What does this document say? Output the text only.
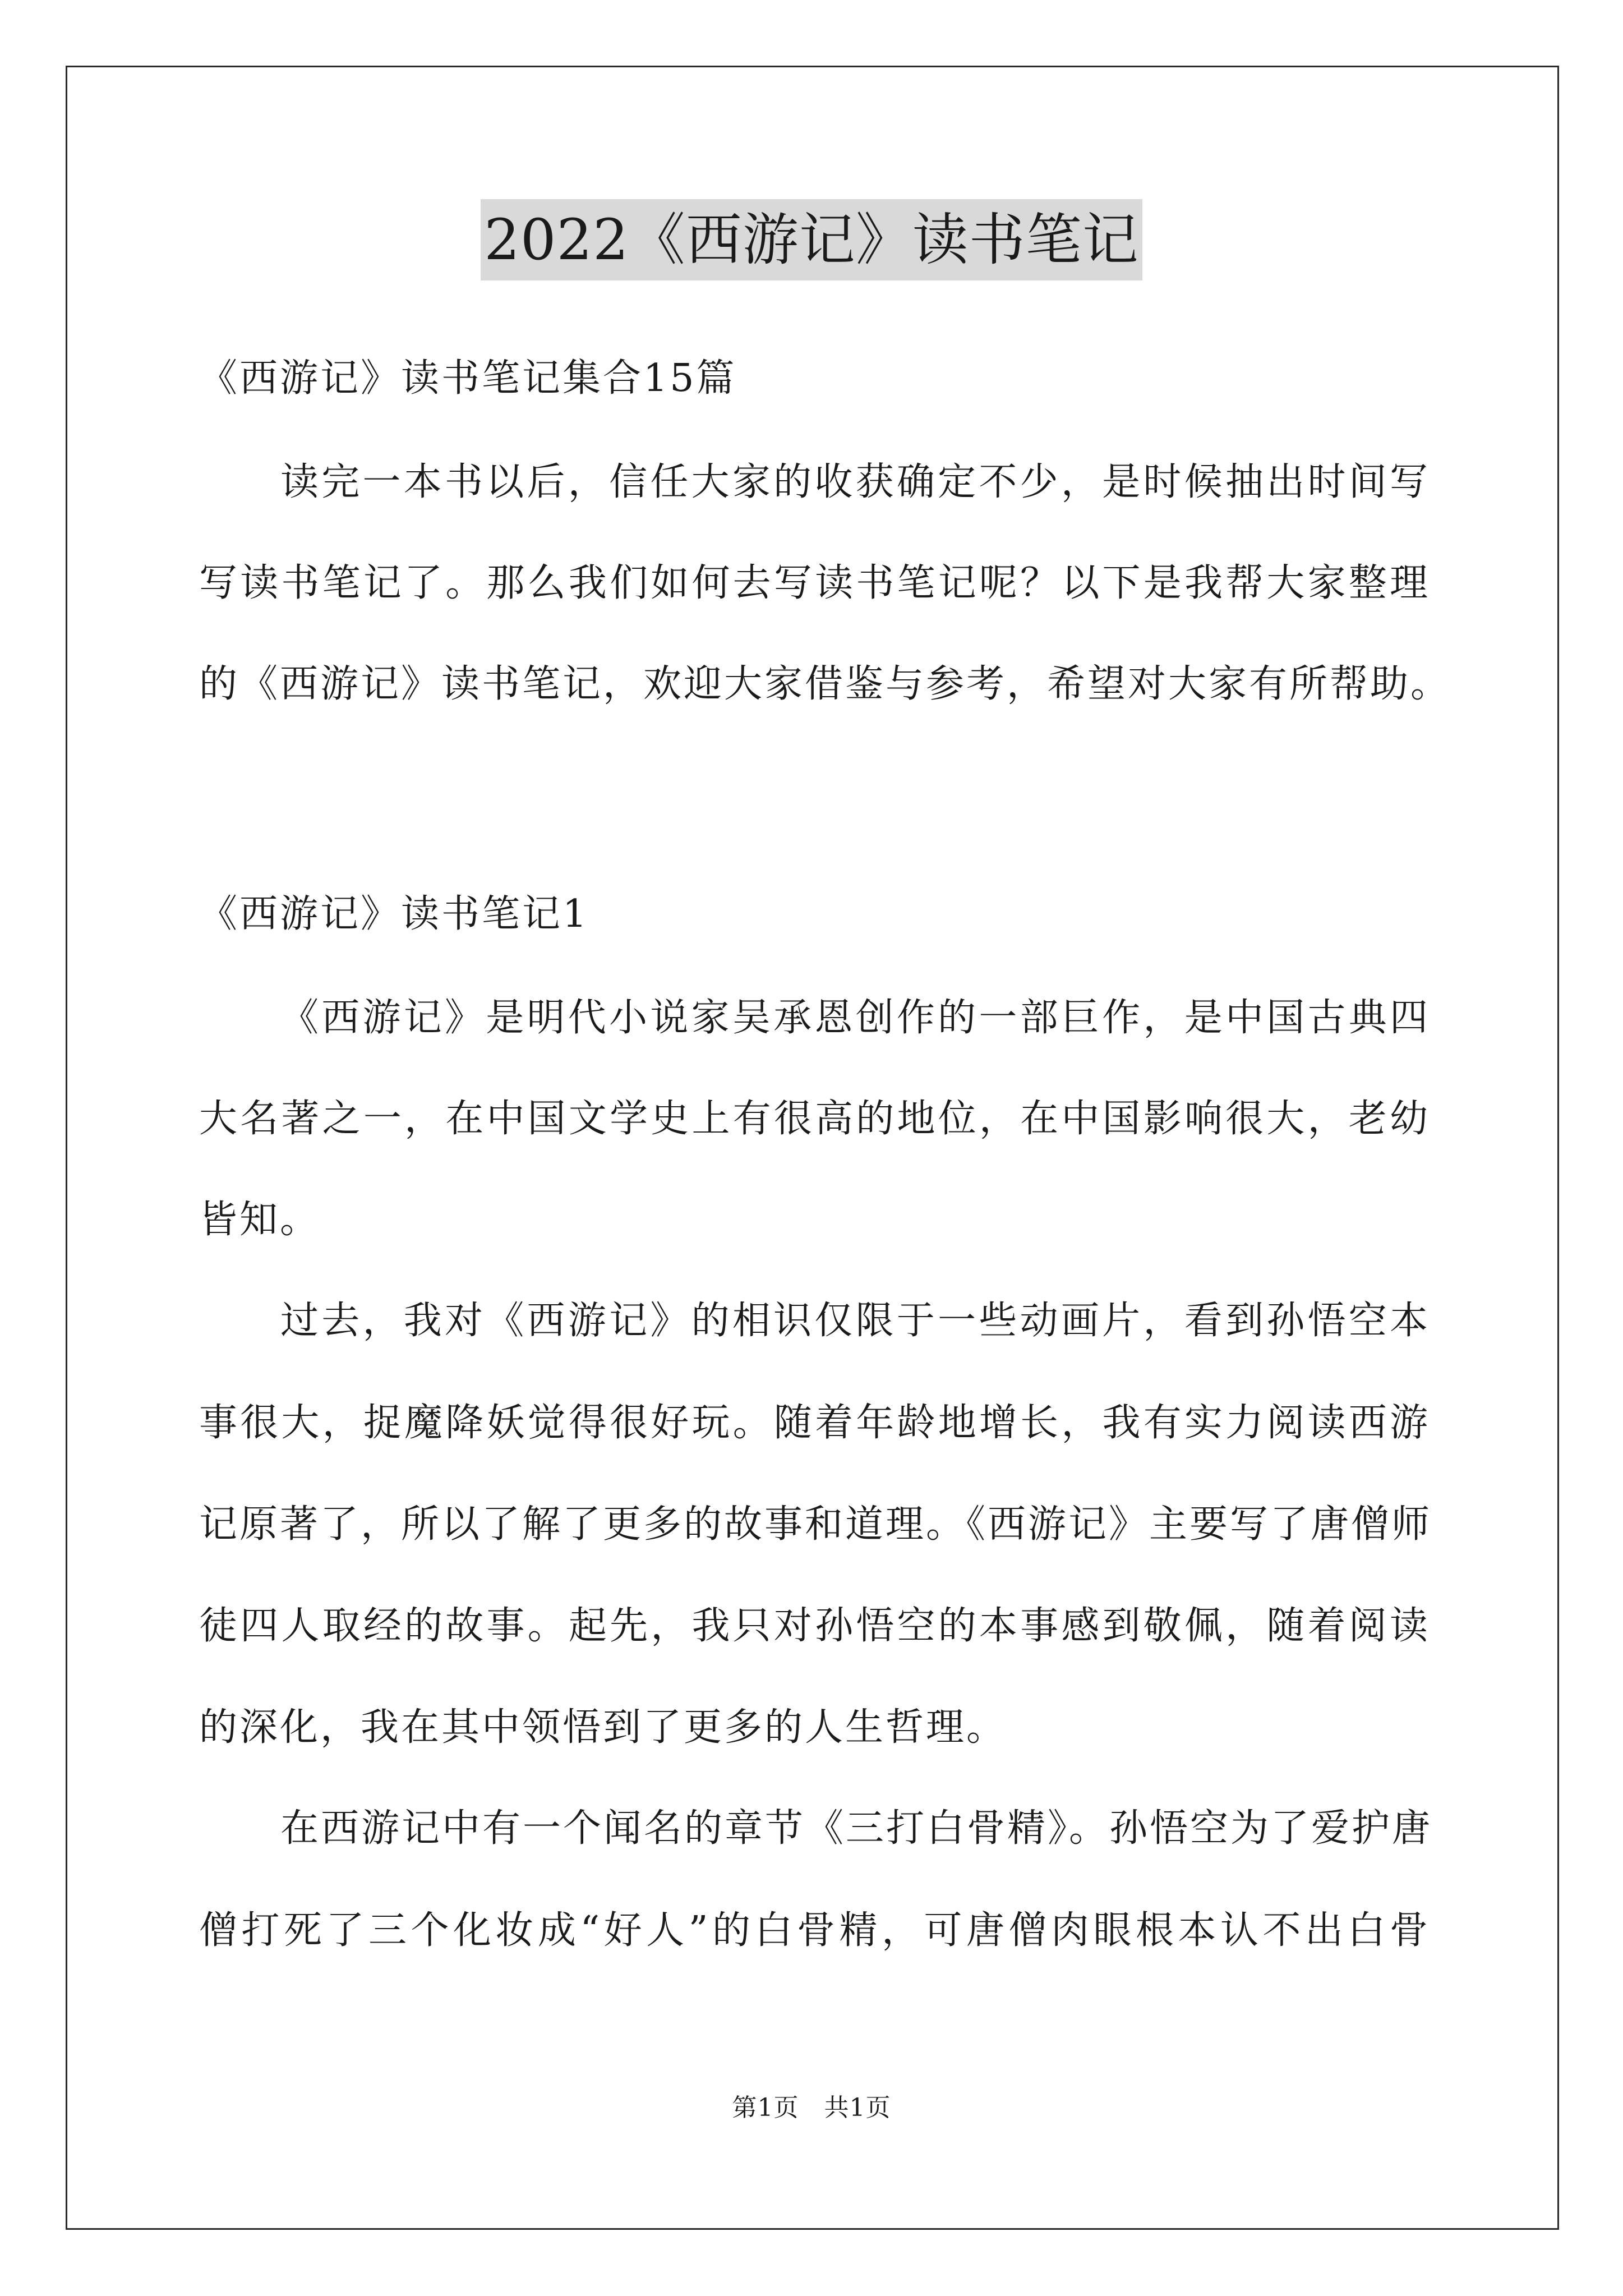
2022《西游记》读书笔记
《西游记》读书笔记集合15篇
读完一本书以后，信任大家的收获确定不少，是时候抽出时间写
写读书笔记了。那么我们如何去写读书笔记呢？以下是我帮大家整理
的《西游记》读书笔记，欢迎大家借鉴与参考，希望对大家有所帮助。
《西游记》读书笔记1
《西游记》是明代小说家吴承恩创作的一部巨作，是中国古典四
大名著之一，在中国文学史上有很高的地位，在中国影响很大，老幼
皆知。
过去，我对《西游记》的相识仅限于一些动画片，看到孙悟空本
事很大，捉魔降妖觉得很好玩。随着年龄地增长，我有实力阅读西游
记原著了，所以了解了更多的故事和道理。《西游记》主要写了唐僧师
徒四人取经的故事。起先，我只对孙悟空的本事感到敬佩，随着阅读
的深化，我在其中领悟到了更多的人生哲理。
在西游记中有一个闻名的章节《三打白骨精》。孙悟空为了爱护唐
僧打死了三个化妆成“好人”的白骨精，可唐僧肉眼根本认不出白骨
第1页　共1页
